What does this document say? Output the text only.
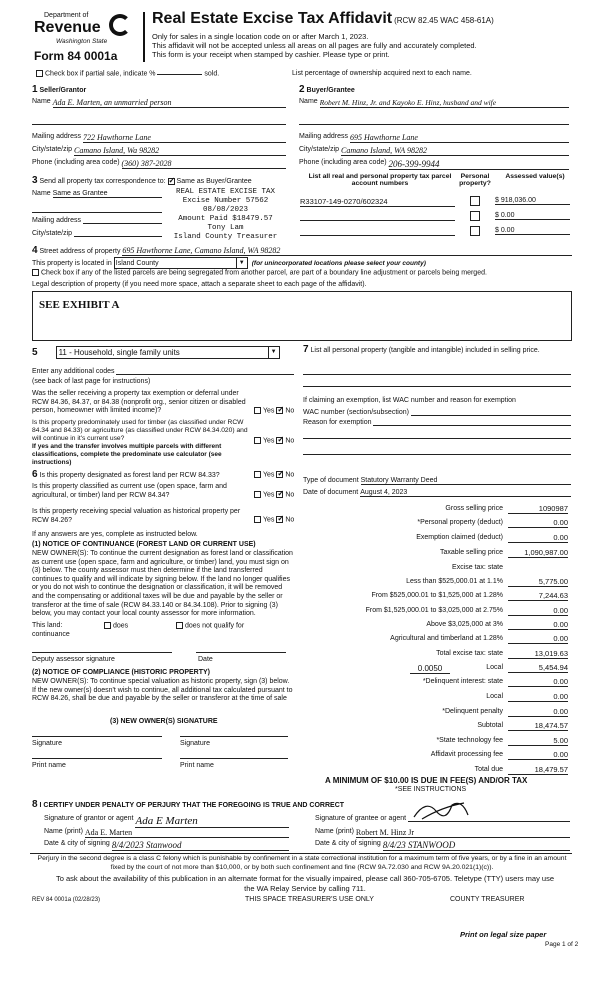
Department of
Revenue
Washington State
Form 84 0001a
Real Estate Excise Tax Affidavit (RCW 82.45 WAC 458-61A)
Only for sales in a single location code on or after March 1, 2023.
This affidavit will not be accepted unless all areas on all pages are fully and accurately completed.
This form is your receipt when stamped by cashier. Please type or print.
Check box if partial sale, indicate %	sold.	List percentage of ownership acquired next to each name.
1
Seller/Grantor
Name
Ada E. Marten, an unmarried person
Mailing address
722 Hawthorne Lane
City/state/zip
Camano Island, Wa 98282
Phone (including area code)
(360) 387-2028
2
Buyer/Grantee
Name
Robert M. Hinz, Jr. and Kayoko E. Hinz, husband and wife
Mailing address
695 Hawthorne Lane
City/state/zip
Camano Island, WA 98282
Phone (including area code)
206-399-9944
3 Send all property tax correspondence to: ✓ Same as Buyer/Grantee
Name
Same as Grantee
Mailing address

City/state/zip

REAL ESTATE EXCISE TAX
Excise Number 57562
08/08/2023
Amount Paid $18479.57
Tony Lam
Island County Treasurer
List all real and personal property tax parcel account numbers
Personal property?
Assessed value(s)
R33107-149-0270/602324	$ 918,036.00
$ 0.00
$ 0.00
4
Street address of property
695 Hawthorne Lane, Camano Island, WA 98282
This property is located in Island County	▼	(for unincorporated locations please select your county)
Check box if any of the listed parcels are being segregated from another parcel, are part of a boundary line adjustment or parcels being merged.
Legal description of property (if you need more space, attach a separate sheet to each page of the affidavit).
SEE EXHIBIT A
5	11 - Household, single family units	▼
Enter any additional codes

(see back of last page for instructions)
Was the seller receiving a property tax exemption or deferral under RCW 84.36, 84.37, or 84.38 (nonprofit org., senior citizen or disabled person, homeowner with limited income)?	Yes ✓ No
Is this property predominately used for timber (as classified under RCW 84.34 and 84.33) or agriculture (as classified under RCW 84.34.020) and will continue in it's current use?
If yes and the transfer involves multiple parcels with different classifications, complete the predominate use calculator (see instructions)
Yes ✓ No
6 Is this property designated as forest land per RCW 84.33?	Yes ✓ No
Is this property classified as current use (open space, farm and agricultural, or timber) land per RCW 84.34?	Yes ✓ No
Is this property receiving special valuation as historical property per RCW 84.26?	Yes ✓ No
If any answers are yes, complete as instructed below.
(1) NOTICE OF CONTINUANCE (FOREST LAND OR CURRENT USE)
NEW OWNER(S): To continue the current designation as forest land or classification as current use (open space, farm and agriculture, or timber) land, you must sign on (3) below. The county assessor must then determine if the land transferred continues to qualify and will indicate by signing below. If the land no longer qualifies or you do not wish to continue the designation or classification, it will be removed and the compensating or additional taxes will be due and payable by the seller or transferor at the time of sale (RCW 84.33.140 or 84.34.108). Prior to signing (3) below, you may contact your local county assessor for more information.
This land:	does	does not qualify for
continuance
Deputy assessor signature	Date
(2) NOTICE OF COMPLIANCE (HISTORIC PROPERTY)
NEW OWNER(S): To continue special valuation as historic property, sign (3) below. If the new owner(s) doesn't wish to continue, all additional tax calculated pursuant to RCW 84.26, shall be due and payable by the seller or transferor at the time of sale
(3) NEW OWNER(S) SIGNATURE
Signature	Signature
Print name	Print name
7 List all personal property (tangible and intangible) included in selling price.
If claiming an exemption, list WAC number and reason for exemption
WAC number (section/subsection)

Reason for exemption

Type of document
Statutory Warranty Deed
Date of document
August 4, 2023
Gross selling price	1090987
*Personal property (deduct)	0.00
Exemption claimed (deduct)	0.00
Taxable selling price	1,090,987.00
Excise tax: state
Less than $525,000.01 at 1.1%	5,775.00
From $525,000.01 to $1,525,000 at 1.28%	7,244.63
From $1,525,000.01 to $3,025,000 at 2.75%	0.00
Above $3,025,000 at 3%	0.00
Agricultural and timberland at 1.28%	0.00
Total excise tax: state	13,019.63
0.0050	Local	5,454.94
*Delinquent interest: state	0.00
Local	0.00
*Delinquent penalty	0.00
Subtotal	18,474.57
*State technology fee	5.00
Affidavit processing fee	0.00
Total due	18,479.57
A MINIMUM OF $10.00 IS DUE IN FEE(S) AND/OR TAX
*SEE INSTRUCTIONS
8 I CERTIFY UNDER PENALTY OF PERJURY THAT THE FOREGOING IS TRUE AND CORRECT
Signature of grantor or agent
Ada E Marten
Name (print)
Ada E. Marten
Date & city of signing
8/4/2023 Stanwood
Signature of grantee or agent

Name (print)
Robert M. Hinz Jr
Date & city of signing
8/4/23 STANWOOD
Perjury in the second degree is a class C felony which is punishable by confinement in a state correctional institution for a maximum term of five years, or by a fine in an amount fixed by the court of not more than $10,000, or by both such confinement and fine (RCW 9A.72.030 and RCW 9A.20.021(1)(c)).
To ask about the availability of this publication in an alternate format for the visually impaired, please call 360-705-6705. Teletype (TTY) users may use the WA Relay Service by calling 711.
REV 84 0001a (02/28/23)	THIS SPACE TREASURER'S USE ONLY	COUNTY TREASURER
Print on legal size paper
Page 1 of 2
